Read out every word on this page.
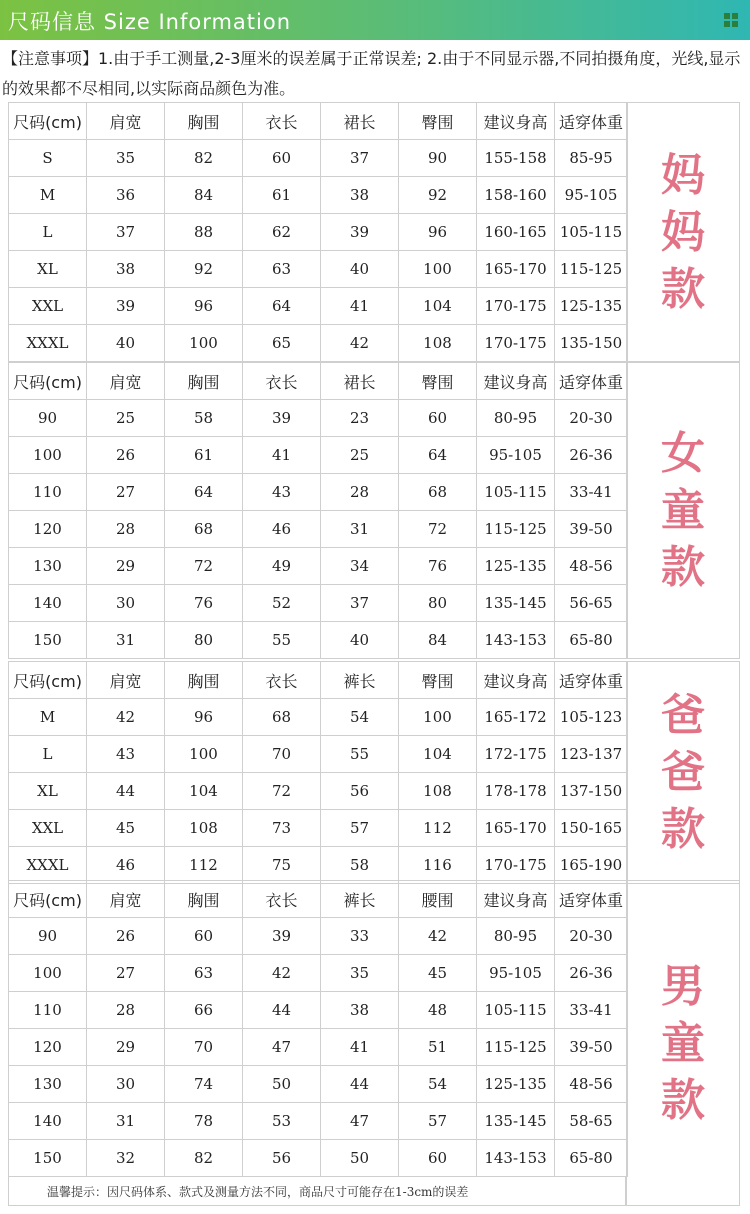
尺码信息 Size Information
【注意事项】1.由于手工测量,2-3厘米的误差属于正常误差; 2.由于不同显示器,不同拍摄角度，光线,显示的效果都不尽相同,以实际商品颜色为准。
尺码(cm)	肩宽	胸围	衣长	裙长	臀围	建议身高	适穿体重
S	35	82	60	37	90	155-158	85-95
M	36	84	61	38	92	158-160	95-105
L	37	88	62	39	96	160-165	105-115
XL	38	92	63	40	100	165-170	115-125
XXL	39	96	64	41	104	170-175	125-135
XXXL	40	100	65	42	108	170-175	135-150
妈
妈
款
尺码(cm)	肩宽	胸围	衣长	裙长	臀围	建议身高	适穿体重
90	25	58	39	23	60	80-95	20-30
100	26	61	41	25	64	95-105	26-36
110	27	64	43	28	68	105-115	33-41
120	28	68	46	31	72	115-125	39-50
130	29	72	49	34	76	125-135	48-56
140	30	76	52	37	80	135-145	56-65
150	31	80	55	40	84	143-153	65-80
女
童
款
尺码(cm)	肩宽	胸围	衣长	裤长	臀围	建议身高	适穿体重
M	42	96	68	54	100	165-172	105-123
L	43	100	70	55	104	172-175	123-137
XL	44	104	72	56	108	178-178	137-150
XXL	45	108	73	57	112	165-170	150-165
XXXL	46	112	75	58	116	170-175	165-190
爸
爸
款
尺码(cm)	肩宽	胸围	衣长	裤长	腰围	建议身高	适穿体重
90	26	60	39	33	42	80-95	20-30
100	27	63	42	35	45	95-105	26-36
110	28	66	44	38	48	105-115	33-41
120	29	70	47	41	51	115-125	39-50
130	30	74	50	44	54	125-135	48-56
140	31	78	53	47	57	135-145	58-65
150	32	82	56	50	60	143-153	65-80
男
童
款
温馨提示：因尺码体系、款式及测量方法不同，商品尺寸可能存在1-3cm的误差
